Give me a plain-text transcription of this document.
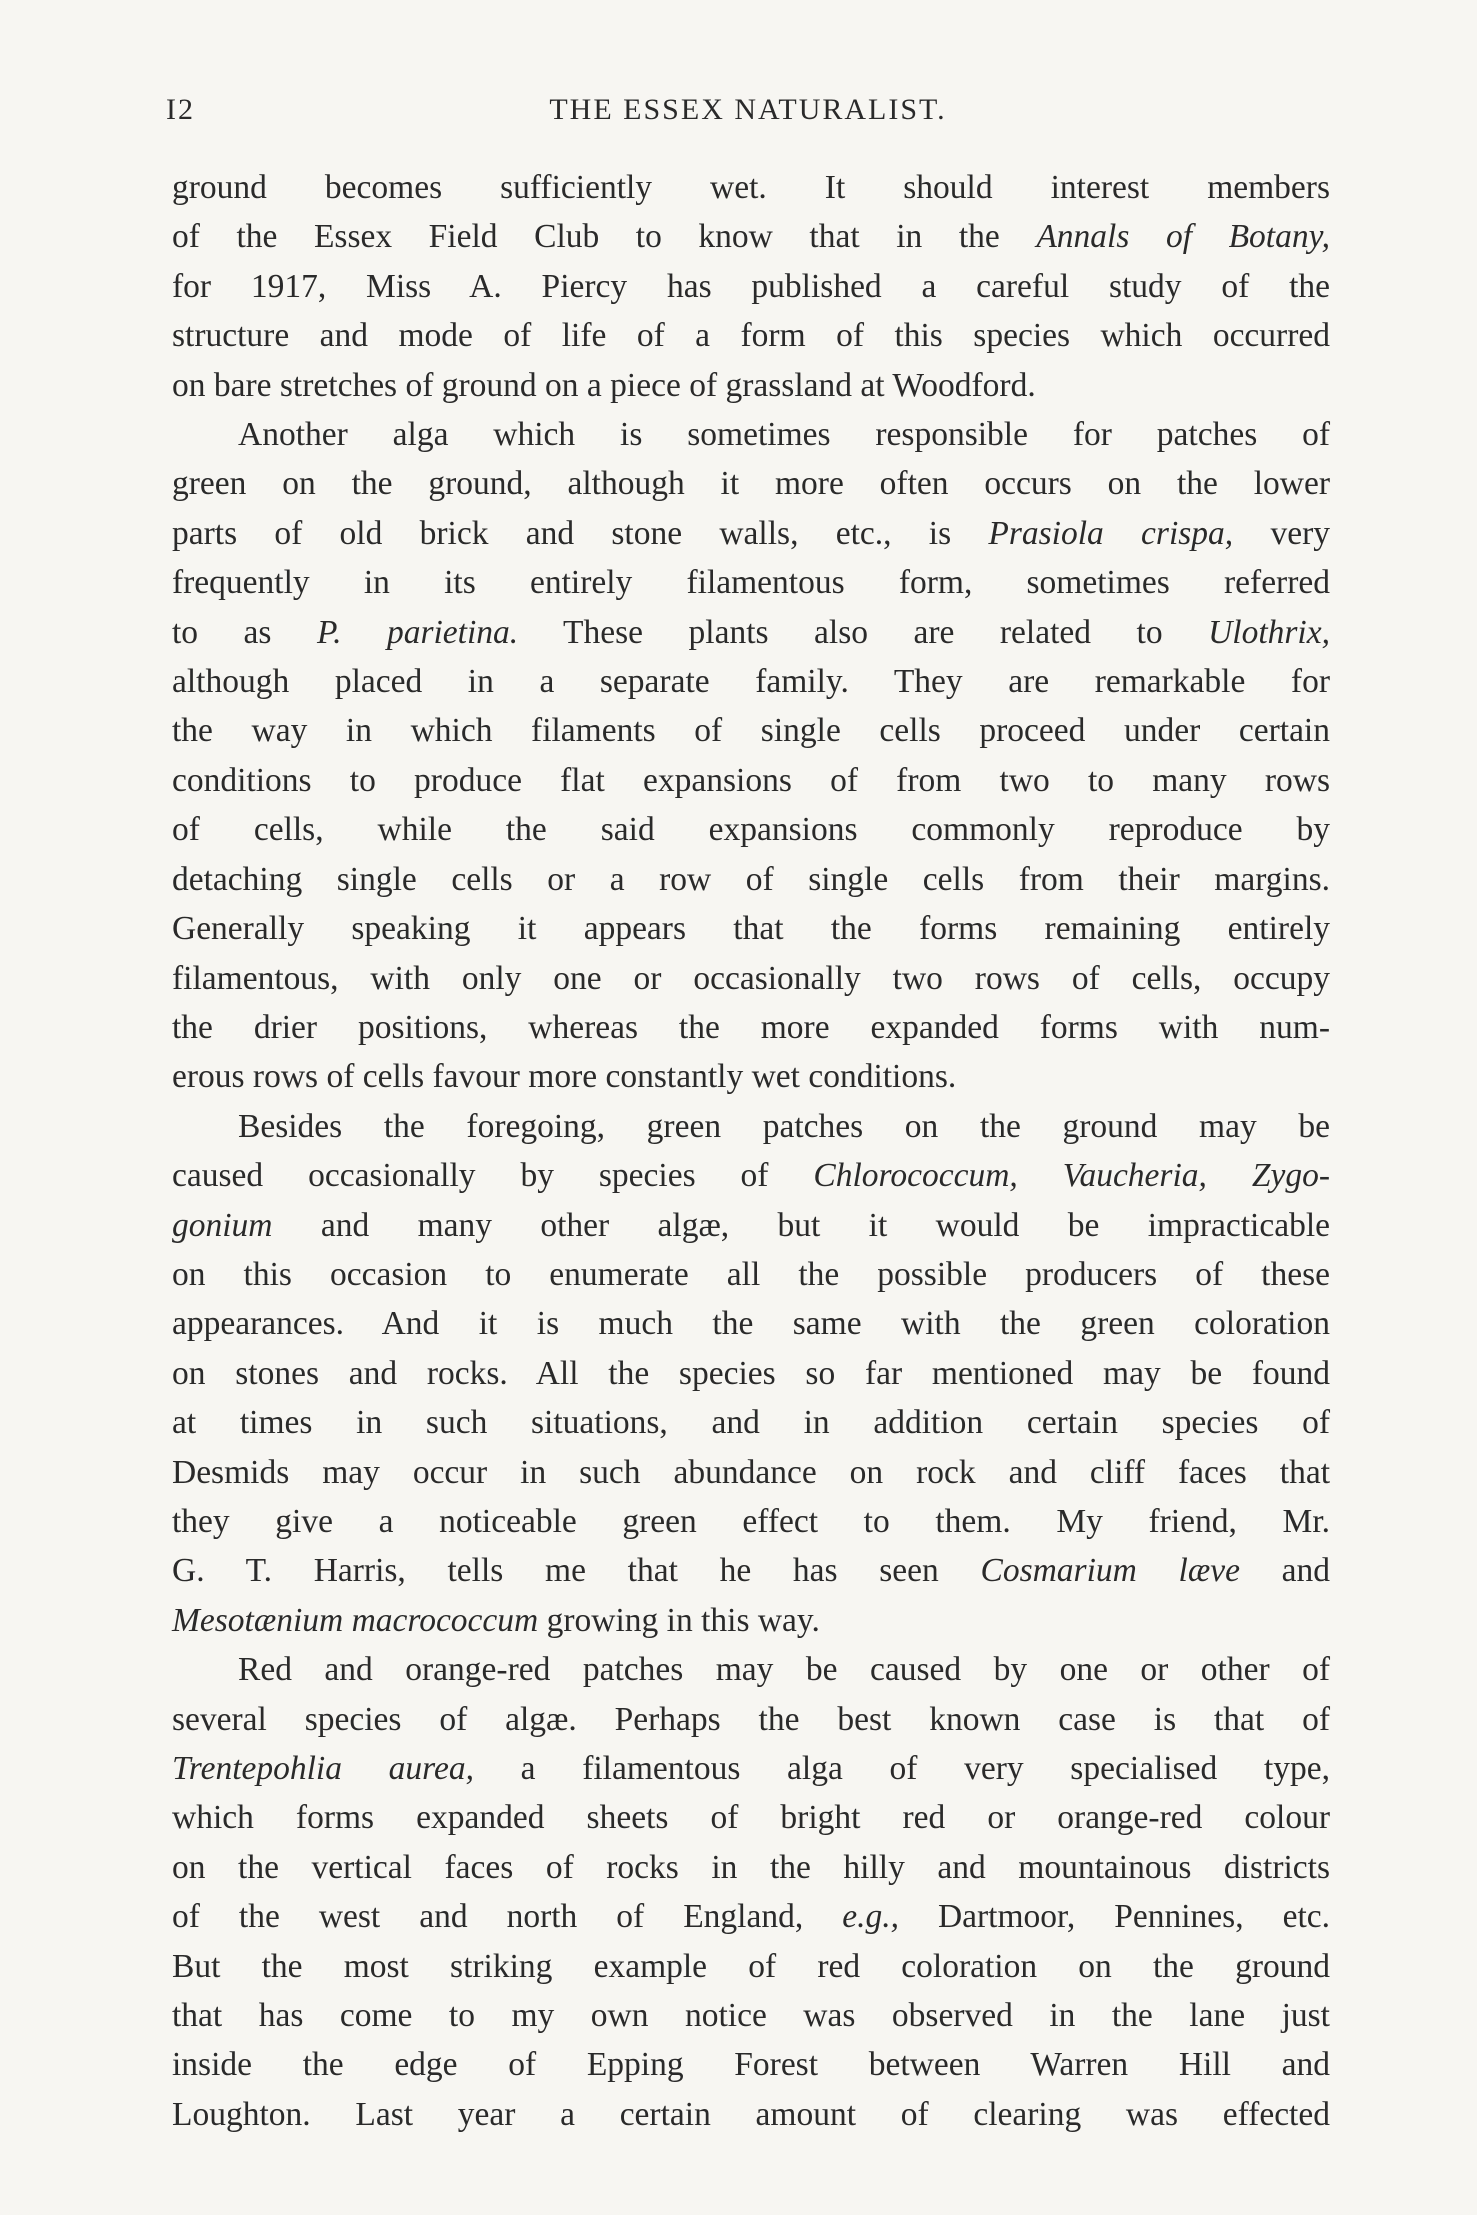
I2	THE ESSEX NATURALIST.

ground becomes sufficiently wet. It should interest members
of the Essex Field Club to know that in the Annals of Botany,
for 1917, Miss A. Piercy has published a careful study of the
structure and mode of life of a form of this species which occurred
on bare stretches of ground on a piece of grassland at Woodford.

Another alga which is sometimes responsible for patches of
green on the ground, although it more often occurs on the lower
parts of old brick and stone walls, etc., is Prasiola crispa, very
frequently in its entirely filamentous form, sometimes referred
to as P. parietina. These plants also are related to Ulothrix,
although placed in a separate family. They are remarkable for
the way in which filaments of single cells proceed under certain
conditions to produce flat expansions of from two to many rows
of cells, while the said expansions commonly reproduce by
detaching single cells or a row of single cells from their margins.
Generally speaking it appears that the forms remaining entirely
filamentous, with only one or occasionally two rows of cells, occupy
the drier positions, whereas the more expanded forms with num-
erous rows of cells favour more constantly wet conditions.

Besides the foregoing, green patches on the ground may be
caused occasionally by species of Chlorococcum, Vaucheria, Zygo-
gonium and many other algæ, but it would be impracticable
on this occasion to enumerate all the possible producers of these
appearances. And it is much the same with the green coloration
on stones and rocks. All the species so far mentioned may be found
at times in such situations, and in addition certain species of
Desmids may occur in such abundance on rock and cliff faces that
they give a noticeable green effect to them. My friend, Mr.
G. T. Harris, tells me that he has seen Cosmarium læve and
Mesotænium macrococcum growing in this way.

Red and orange-red patches may be caused by one or other of
several species of algæ. Perhaps the best known case is that of
Trentepohlia aurea, a filamentous alga of very specialised type,
which forms expanded sheets of bright red or orange-red colour
on the vertical faces of rocks in the hilly and mountainous districts
of the west and north of England, e.g., Dartmoor, Pennines, etc.
But the most striking example of red coloration on the ground
that has come to my own notice was observed in the lane just
inside the edge of Epping Forest between Warren Hill and
Loughton. Last year a certain amount of clearing was effected
